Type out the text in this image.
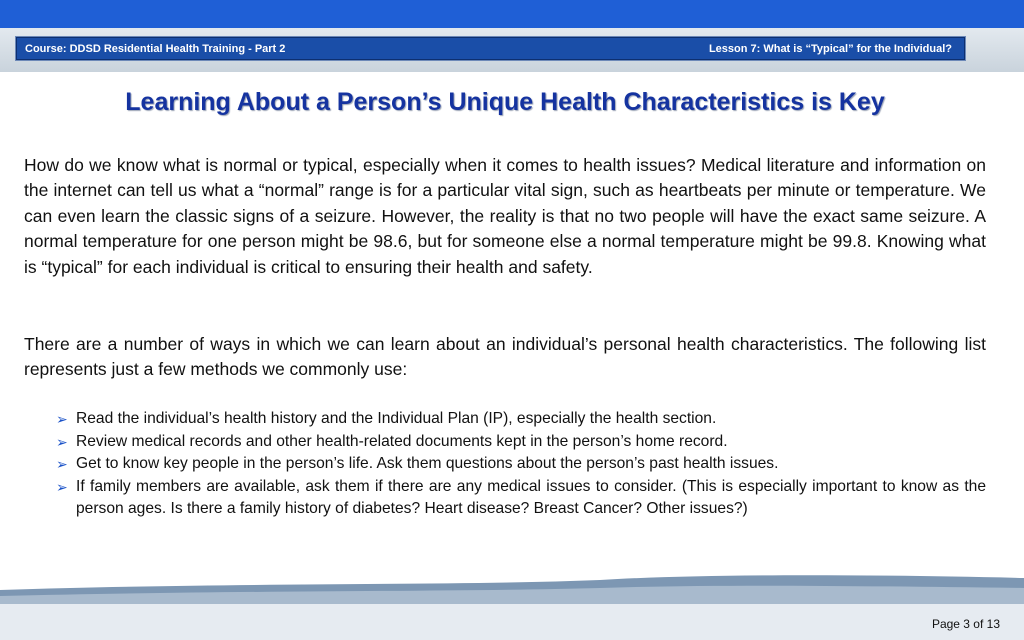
Course: DDSD Residential Health Training - Part 2	Lesson 7: What is “Typical” for the Individual?
Learning About a Person’s Unique Health Characteristics is Key

How do we know what is normal or typical, especially when it comes to health issues? Medical literature and information on the internet can tell us what a “normal” range is for a particular vital sign, such as heartbeats per minute or temperature. We can even learn the classic signs of a seizure. However, the reality is that no two people will have the exact same seizure. A normal temperature for one person might be 98.6, but for someone else a normal temperature might be 99.8. Knowing what is “typical” for each individual is critical to ensuring their health and safety.

There are a number of ways in which we can learn about an individual’s personal health characteristics. The following list represents just a few methods we commonly use:

➢ Read the individual’s health history and the Individual Plan (IP), especially the health section.
➢ Review medical records and other health-related documents kept in the person’s home record.
➢ Get to know key people in the person’s life. Ask them questions about the person’s past health issues.
➢ If family members are available, ask them if there are any medical issues to consider. (This is especially important to know as the person ages. Is there a family history of diabetes? Heart disease? Breast Cancer? Other issues?)
Page 3 of 13
